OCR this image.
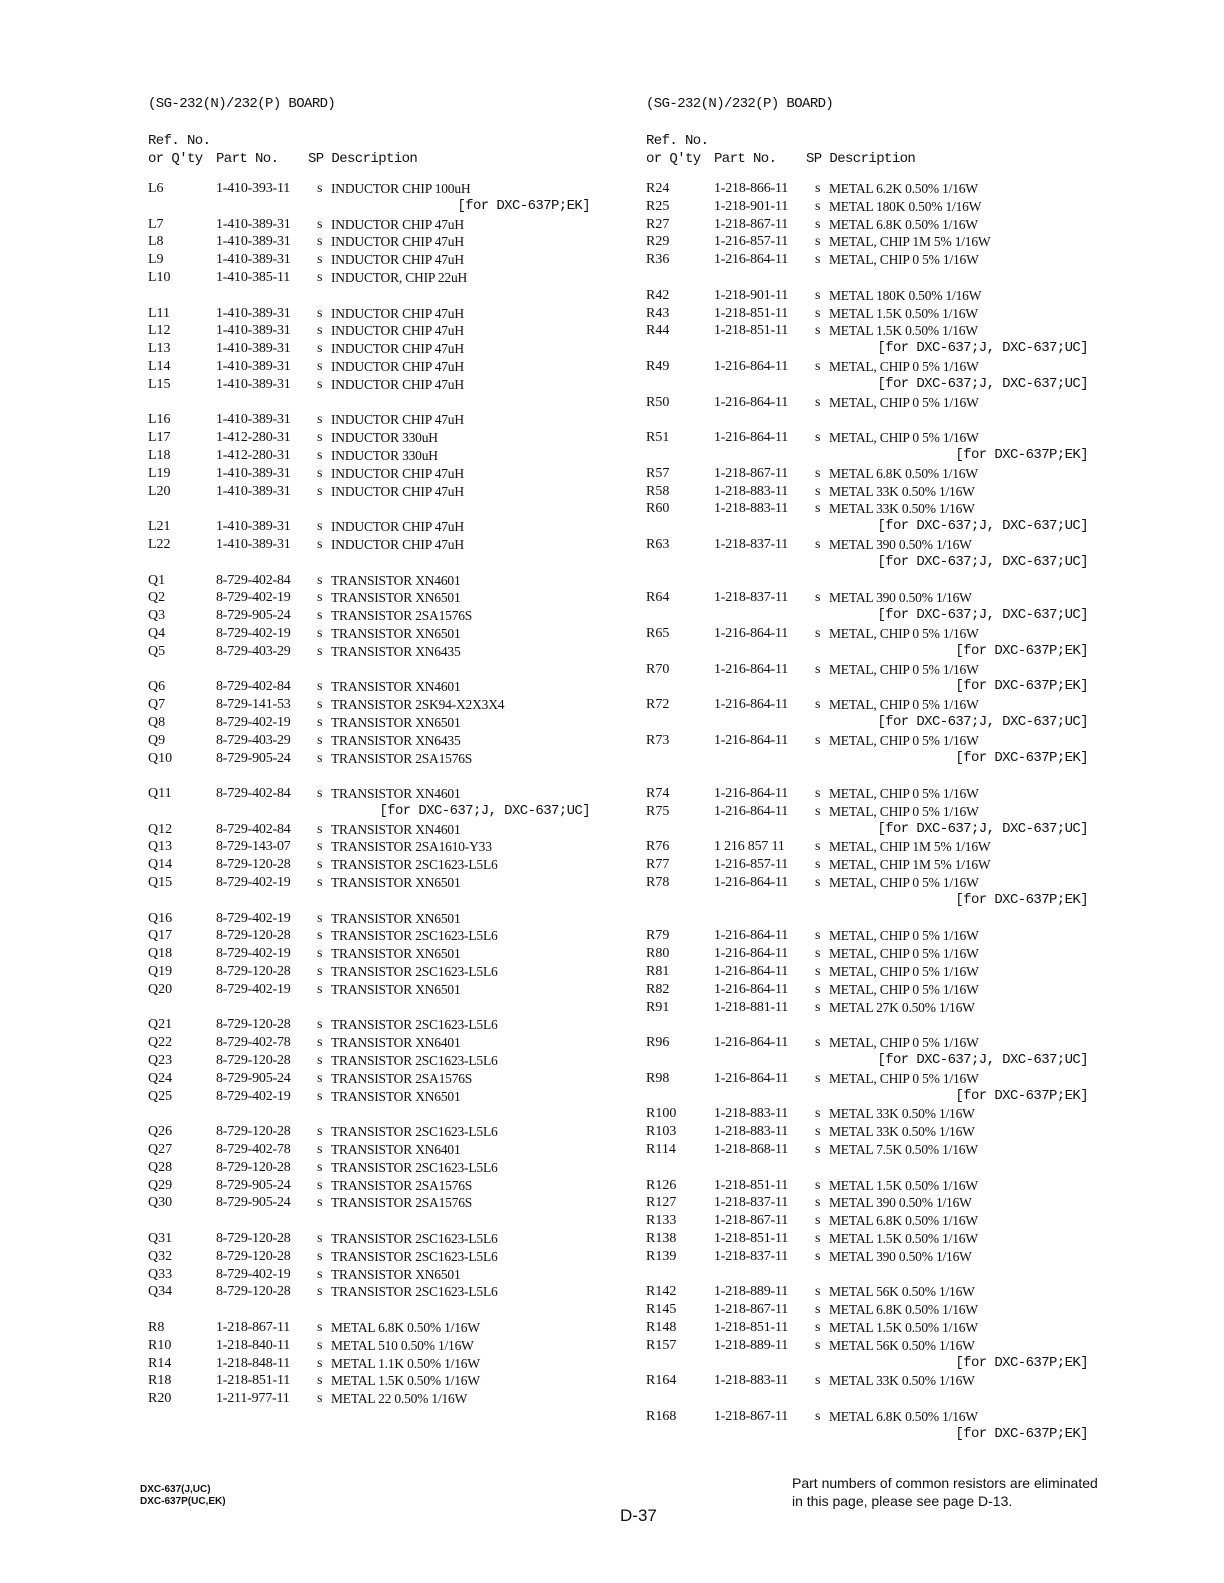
(SG-232(N)/232(P) BOARD)
Ref. No.
or Q'ty Part No.	SP Description
L6	1-410-393-11 s INDUCTOR CHIP 100uH
[for DXC-637P;EK]
L7	1-410-389-31 s INDUCTOR CHIP 47uH
L8	1-410-389-31 s INDUCTOR CHIP 47uH
L9	1-410-389-31 s INDUCTOR CHIP 47uH
L10	1-410-385-11 s INDUCTOR, CHIP 22uH
L11	1-410-389-31 s INDUCTOR CHIP 47uH
L12	1-410-389-31 s INDUCTOR CHIP 47uH
L13	1-410-389-31 s INDUCTOR CHIP 47uH
L14	1-410-389-31 s INDUCTOR CHIP 47uH
L15	1-410-389-31 s INDUCTOR CHIP 47uH
L16	1-410-389-31 s INDUCTOR CHIP 47uH
L17	1-412-280-31 s INDUCTOR 330uH
L18	1-412-280-31 s INDUCTOR 330uH
L19	1-410-389-31 s INDUCTOR CHIP 47uH
L20	1-410-389-31 s INDUCTOR CHIP 47uH
L21	1-410-389-31 s INDUCTOR CHIP 47uH
L22	1-410-389-31 s INDUCTOR CHIP 47uH
Q1	8-729-402-84 s TRANSISTOR XN4601
Q2	8-729-402-19 s TRANSISTOR XN6501
Q3	8-729-905-24 s TRANSISTOR 2SA1576S
Q4	8-729-402-19 s TRANSISTOR XN6501
Q5	8-729-403-29 s TRANSISTOR XN6435
Q6	8-729-402-84 s TRANSISTOR XN4601
Q7	8-729-141-53 s TRANSISTOR 2SK94-X2X3X4
Q8	8-729-402-19 s TRANSISTOR XN6501
Q9	8-729-403-29 s TRANSISTOR XN6435
Q10	8-729-905-24 s TRANSISTOR 2SA1576S
Q11	8-729-402-84 s TRANSISTOR XN4601
[for DXC-637;J, DXC-637;UC]
Q12	8-729-402-84 s TRANSISTOR XN4601
Q13	8-729-143-07 s TRANSISTOR 2SA1610-Y33
Q14	8-729-120-28 s TRANSISTOR 2SC1623-L5L6
Q15	8-729-402-19 s TRANSISTOR XN6501
Q16	8-729-402-19 s TRANSISTOR XN6501
Q17	8-729-120-28 s TRANSISTOR 2SC1623-L5L6
Q18	8-729-402-19 s TRANSISTOR XN6501
Q19	8-729-120-28 s TRANSISTOR 2SC1623-L5L6
Q20	8-729-402-19 s TRANSISTOR XN6501
Q21	8-729-120-28 s TRANSISTOR 2SC1623-L5L6
Q22	8-729-402-78 s TRANSISTOR XN6401
Q23	8-729-120-28 s TRANSISTOR 2SC1623-L5L6
Q24	8-729-905-24 s TRANSISTOR 2SA1576S
Q25	8-729-402-19 s TRANSISTOR XN6501
Q26	8-729-120-28 s TRANSISTOR 2SC1623-L5L6
Q27	8-729-402-78 s TRANSISTOR XN6401
Q28	8-729-120-28 s TRANSISTOR 2SC1623-L5L6
Q29	8-729-905-24 s TRANSISTOR 2SA1576S
Q30	8-729-905-24 s TRANSISTOR 2SA1576S
Q31	8-729-120-28 s TRANSISTOR 2SC1623-L5L6
Q32	8-729-120-28 s TRANSISTOR 2SC1623-L5L6
Q33	8-729-402-19 s TRANSISTOR XN6501
Q34	8-729-120-28 s TRANSISTOR 2SC1623-L5L6
R8	1-218-867-11 s METAL 6.8K 0.50% 1/16W
R10	1-218-840-11 s METAL 510 0.50% 1/16W
R14	1-218-848-11 s METAL 1.1K 0.50% 1/16W
R18	1-218-851-11 s METAL 1.5K 0.50% 1/16W
R20	1-211-977-11 s METAL 22 0.50% 1/16W
(SG-232(N)/232(P) BOARD)
Ref. No.
or Q'ty Part No.	SP Description
R24	1-218-866-11 s METAL 6.2K 0.50% 1/16W
R25	1-218-901-11 s METAL 180K 0.50% 1/16W
R27	1-218-867-11 s METAL 6.8K 0.50% 1/16W
R29	1-216-857-11 s METAL, CHIP 1M 5% 1/16W
R36	1-216-864-11 s METAL, CHIP 0 5% 1/16W
R42	1-218-901-11 s METAL 180K 0.50% 1/16W
R43	1-218-851-11 s METAL 1.5K 0.50% 1/16W
R44	1-218-851-11 s METAL 1.5K 0.50% 1/16W
[for DXC-637;J, DXC-637;UC]
R49	1-216-864-11 s METAL, CHIP 0 5% 1/16W
[for DXC-637;J, DXC-637;UC]
R50	1-216-864-11 s METAL, CHIP 0 5% 1/16W
R51	1-216-864-11 s METAL, CHIP 0 5% 1/16W
[for DXC-637P;EK]
R57	1-218-867-11 s METAL 6.8K 0.50% 1/16W
R58	1-218-883-11 s METAL 33K 0.50% 1/16W
R60	1-218-883-11 s METAL 33K 0.50% 1/16W
[for DXC-637;J, DXC-637;UC]
R63	1-218-837-11 s METAL 390 0.50% 1/16W
[for DXC-637;J, DXC-637;UC]
R64	1-218-837-11 s METAL 390 0.50% 1/16W
[for DXC-637;J, DXC-637;UC]
R65	1-216-864-11 s METAL, CHIP 0 5% 1/16W
[for DXC-637P;EK]
R70	1-216-864-11 s METAL, CHIP 0 5% 1/16W
[for DXC-637P;EK]
R72	1-216-864-11 s METAL, CHIP 0 5% 1/16W
[for DXC-637;J, DXC-637;UC]
R73	1-216-864-11 s METAL, CHIP 0 5% 1/16W
[for DXC-637P;EK]
R74	1-216-864-11 s METAL, CHIP 0 5% 1/16W
R75	1-216-864-11 s METAL, CHIP 0 5% 1/16W
[for DXC-637;J, DXC-637;UC]
R76	1 216 857 11 s METAL, CHIP 1M 5% 1/16W
R77	1-216-857-11 s METAL, CHIP 1M 5% 1/16W
R78	1-216-864-11 s METAL, CHIP 0 5% 1/16W
[for DXC-637P;EK]
R79	1-216-864-11 s METAL, CHIP 0 5% 1/16W
R80	1-216-864-11 s METAL, CHIP 0 5% 1/16W
R81	1-216-864-11 s METAL, CHIP 0 5% 1/16W
R82	1-216-864-11 s METAL, CHIP 0 5% 1/16W
R91	1-218-881-11 s METAL 27K 0.50% 1/16W
R96	1-216-864-11 s METAL, CHIP 0 5% 1/16W
[for DXC-637;J, DXC-637;UC]
R98	1-216-864-11 s METAL, CHIP 0 5% 1/16W
[for DXC-637P;EK]
R100	1-218-883-11 s METAL 33K 0.50% 1/16W
R103	1-218-883-11 s METAL 33K 0.50% 1/16W
R114	1-218-868-11 s METAL 7.5K 0.50% 1/16W
R126	1-218-851-11 s METAL 1.5K 0.50% 1/16W
R127	1-218-837-11 s METAL 390 0.50% 1/16W
R133	1-218-867-11 s METAL 6.8K 0.50% 1/16W
R138	1-218-851-11 s METAL 1.5K 0.50% 1/16W
R139	1-218-837-11 s METAL 390 0.50% 1/16W
R142	1-218-889-11 s METAL 56K 0.50% 1/16W
R145	1-218-867-11 s METAL 6.8K 0.50% 1/16W
R148	1-218-851-11 s METAL 1.5K 0.50% 1/16W
R157	1-218-889-11 s METAL 56K 0.50% 1/16W
[for DXC-637P;EK]
R164	1-218-883-11 s METAL 33K 0.50% 1/16W
R168	1-218-867-11 s METAL 6.8K 0.50% 1/16W
[for DXC-637P;EK]
DXC-637(J,UC)
DXC-637P(UC,EK)
D-37
Part numbers of common resistors are eliminated
in this page, please see page D-13.
